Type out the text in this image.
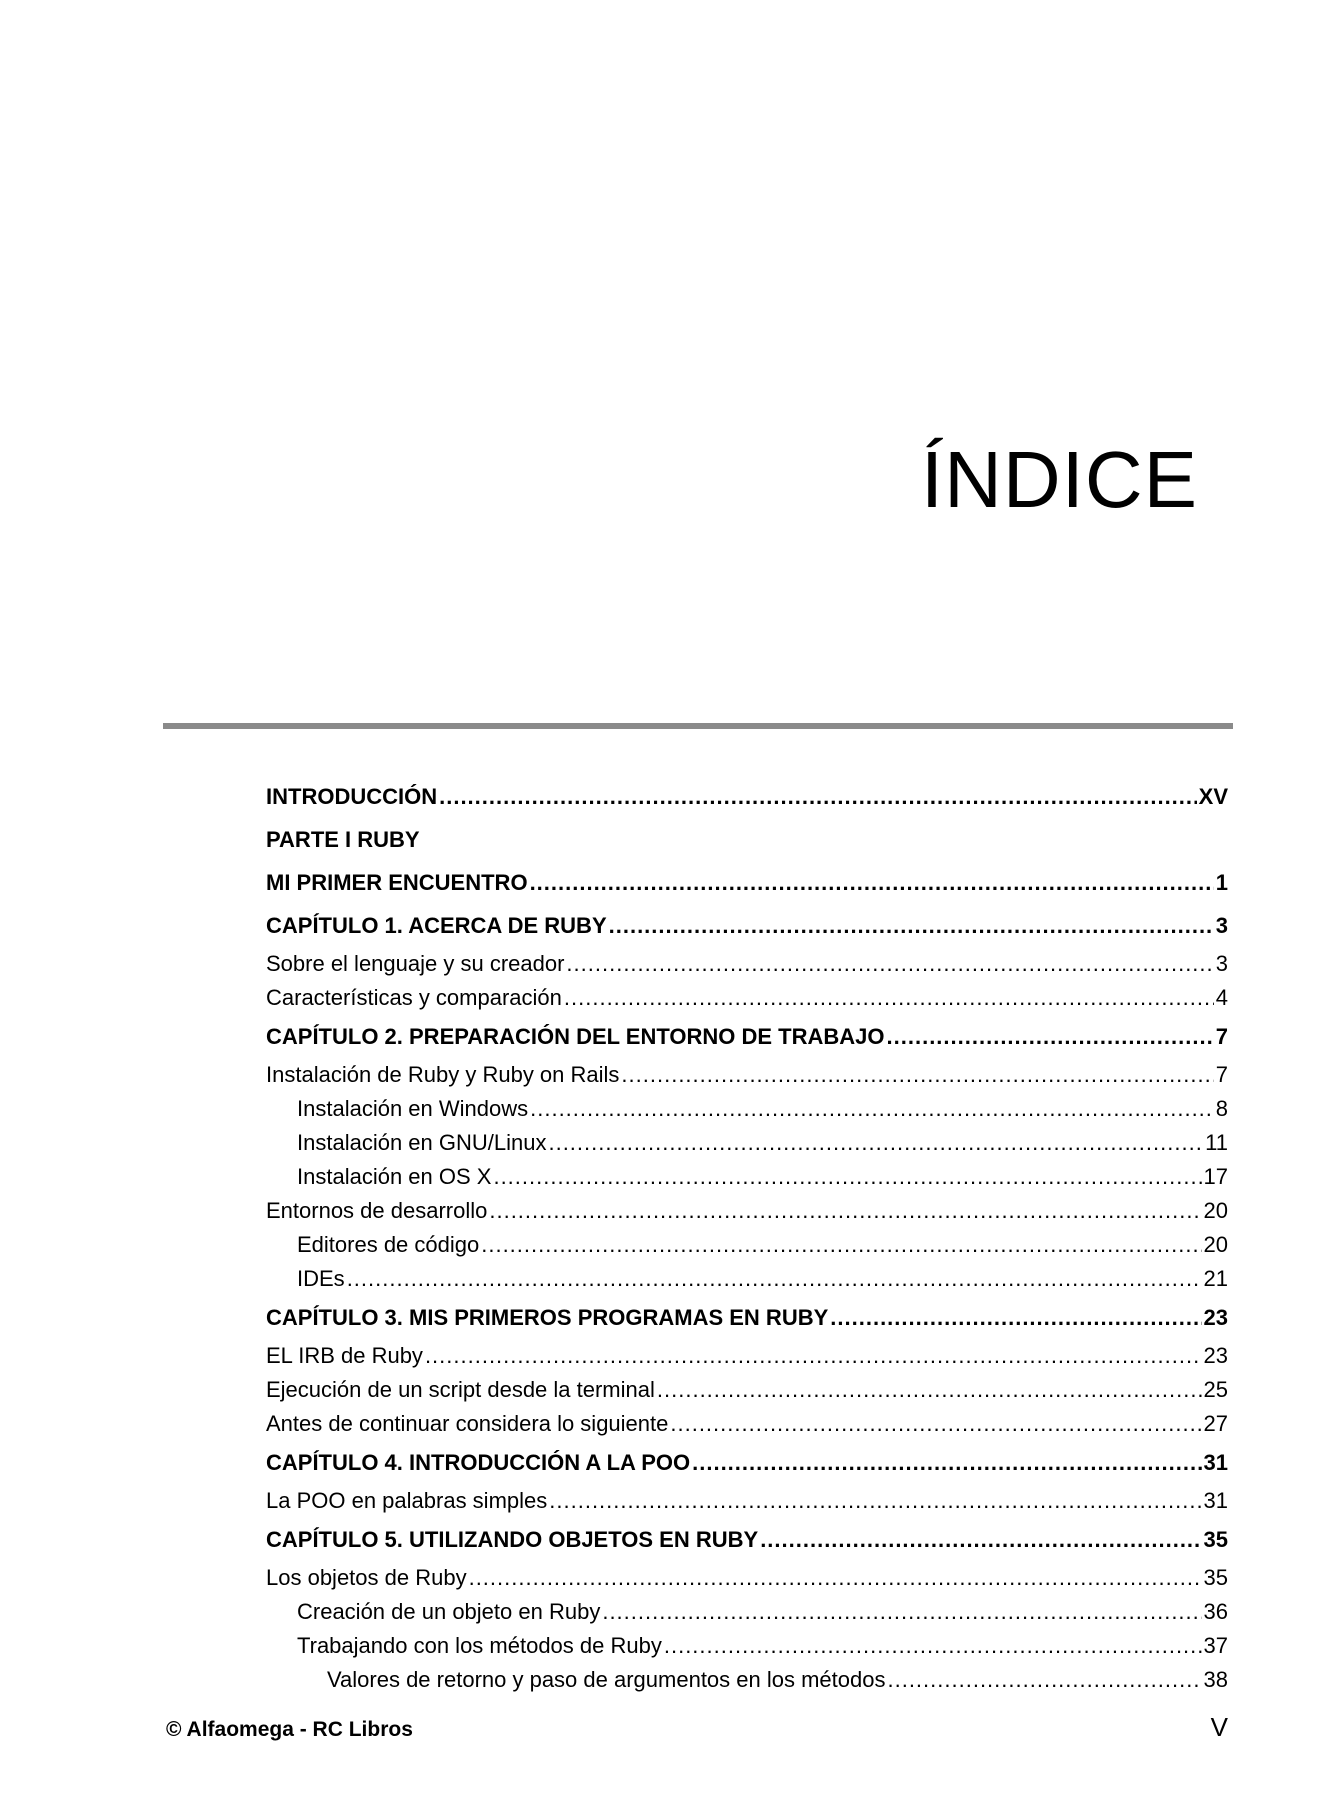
ÍNDICE
INTRODUCCIÓN .....	XV
PARTE I RUBY
MI PRIMER ENCUENTRO .....	1
CAPÍTULO 1. ACERCA DE RUBY .....	3
Sobre el lenguaje y su creador .....	3
Características y comparación .....	4
CAPÍTULO 2. PREPARACIÓN DEL ENTORNO DE TRABAJO .....	7
Instalación de Ruby y Ruby on Rails .....	7
Instalación en Windows .....	8
Instalación en GNU/Linux .....	11
Instalación en OS X .....	17
Entornos de desarrollo .....	20
Editores de código .....	20
IDEs .....	21
CAPÍTULO 3. MIS PRIMEROS PROGRAMAS EN RUBY .....	23
EL IRB de Ruby .....	23
Ejecución de un script desde la terminal .....	25
Antes de continuar considera lo siguiente .....	27
CAPÍTULO 4. INTRODUCCIÓN A LA POO .....	31
La POO en palabras simples .....	31
CAPÍTULO 5. UTILIZANDO OBJETOS EN RUBY .....	35
Los objetos de Ruby .....	35
Creación de un objeto en Ruby .....	36
Trabajando con los métodos de Ruby .....	37
Valores de retorno y paso de argumentos en los métodos .....	38
© Alfaomega - RC Libros	V
